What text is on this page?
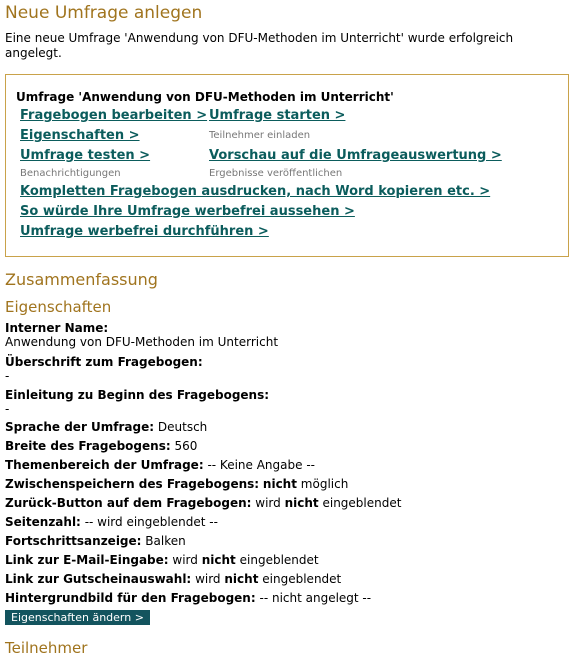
Neue Umfrage anlegen
Eine neue Umfrage 'Anwendung von DFU-Methoden im Unterricht' wurde erfolgreich angelegt.
Umfrage 'Anwendung von DFU-Methoden im Unterricht'
Fragebogen bearbeiten > Umfrage starten >
Eigenschaften >	Teilnehmer einladen
Umfrage testen >	Vorschau auf die Umfrageauswertung >
Benachrichtigungen	Ergebnisse veröffentlichen
Kompletten Fragebogen ausdrucken, nach Word kopieren etc. >
So würde Ihre Umfrage werbefrei aussehen >
Umfrage werbefrei durchführen >
Zusammenfassung
Eigenschaften
Interner Name:
Anwendung von DFU-Methoden im Unterricht
Überschrift zum Fragebogen:
-
Einleitung zu Beginn des Fragebogens:
-
Sprache der Umfrage: Deutsch
Breite des Fragebogens: 560
Themenbereich der Umfrage: -- Keine Angabe --
Zwischenspeichern des Fragebogens: nicht möglich
Zurück-Button auf dem Fragebogen: wird nicht eingeblendet
Seitenzahl: -- wird eingeblendet --
Fortschrittsanzeige: Balken
Link zur E-Mail-Eingabe: wird nicht eingeblendet
Link zur Gutscheinauswahl: wird nicht eingeblendet
Hintergrundbild für den Fragebogen: -- nicht angelegt --
Eigenschaften ändern >
Teilnehmer
